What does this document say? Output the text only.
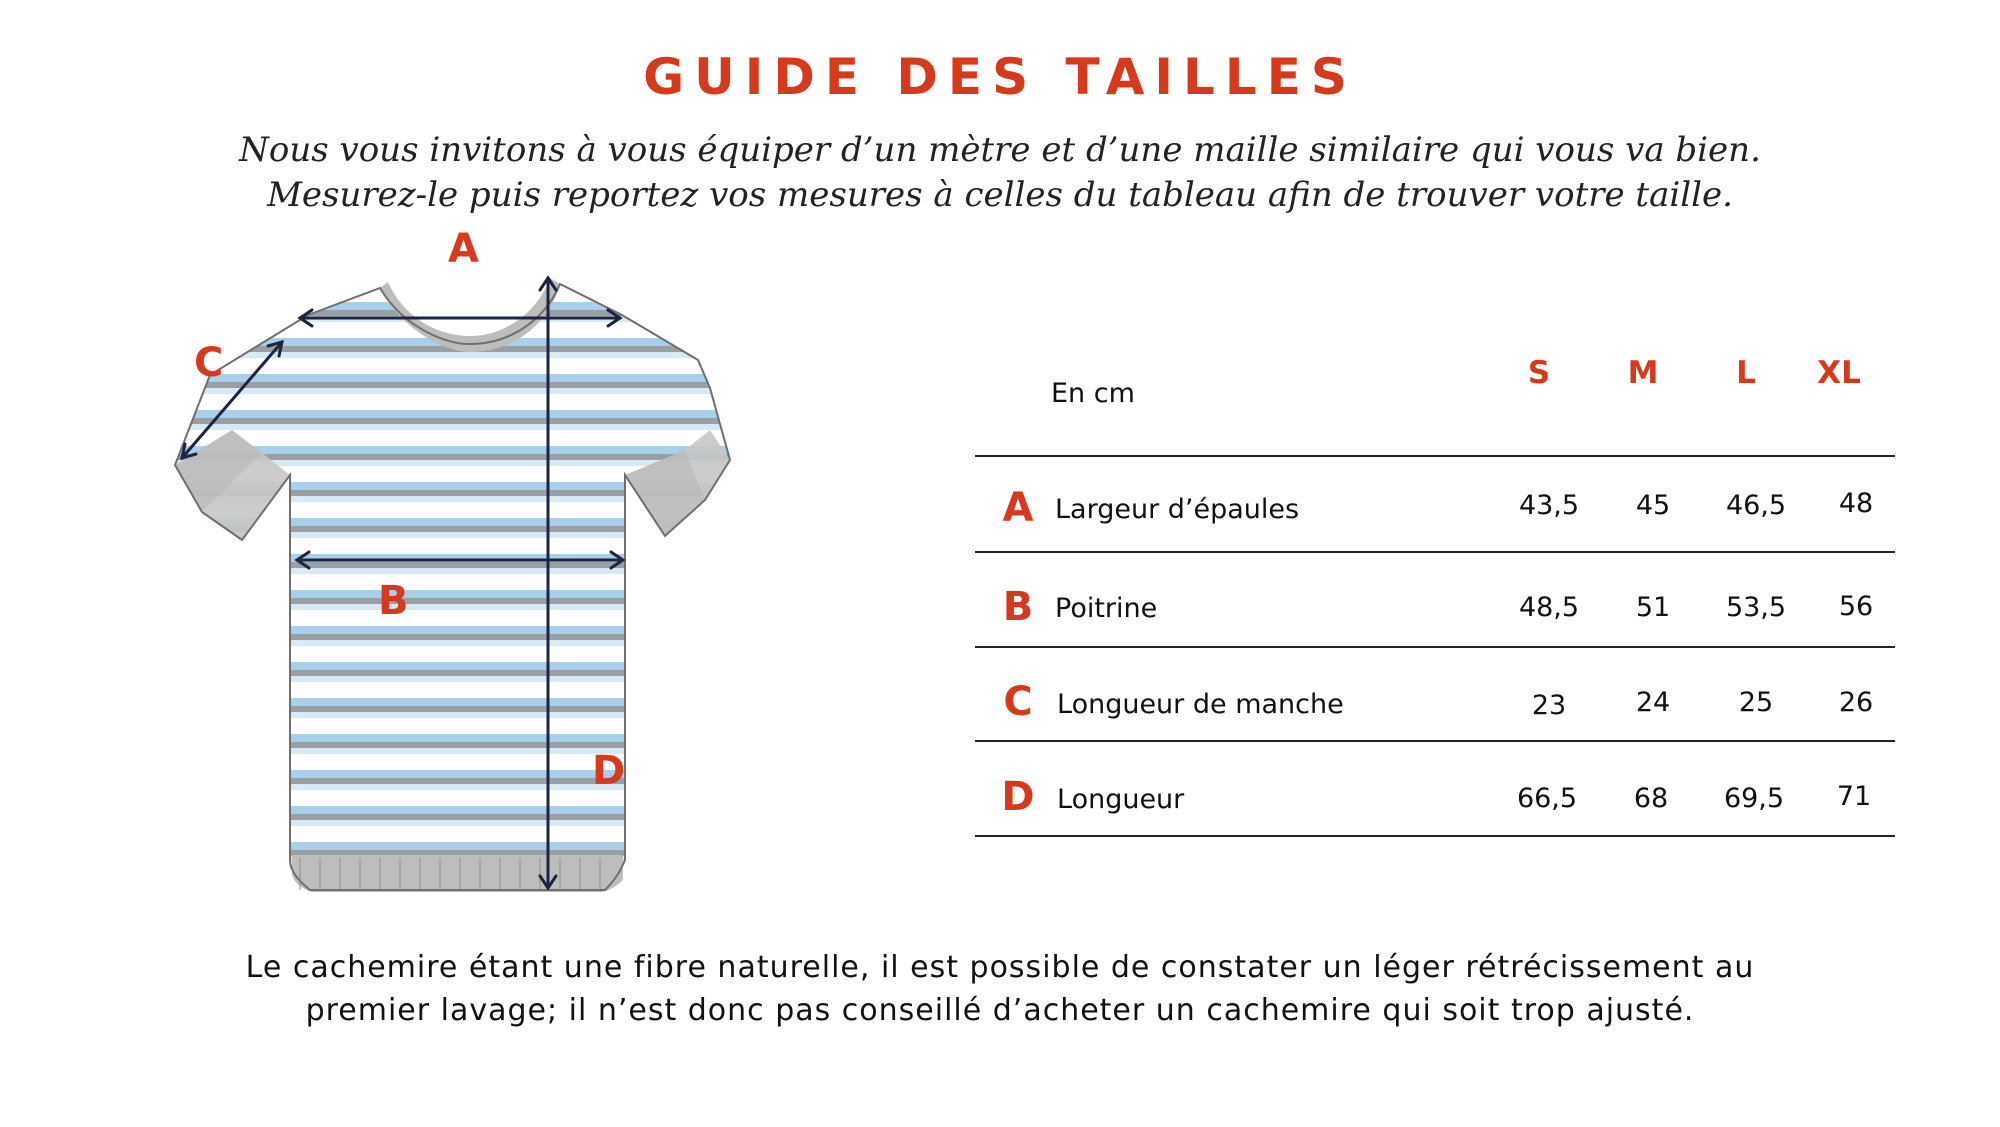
GUIDE DES TAILLES
Nous vous invitons à vous équiper d’un mètre et d’une maille similaire qui vous va bien.
Mesurez-le puis reportez vos mesures à celles du tableau afin de trouver votre taille.
A
B
C
D
En cm
S	M	L	XL
A Largeur d’épaules	43,5	45	46,5	48
B Poitrine	48,5	51	53,5	56
C Longueur de manche	23	24	25	26
D Longueur	66,5	68	69,5	71
Le cachemire étant une fibre naturelle, il est possible de constater un léger rétrécissement au
premier lavage; il n’est donc pas conseillé d’acheter un cachemire qui soit trop ajusté.
